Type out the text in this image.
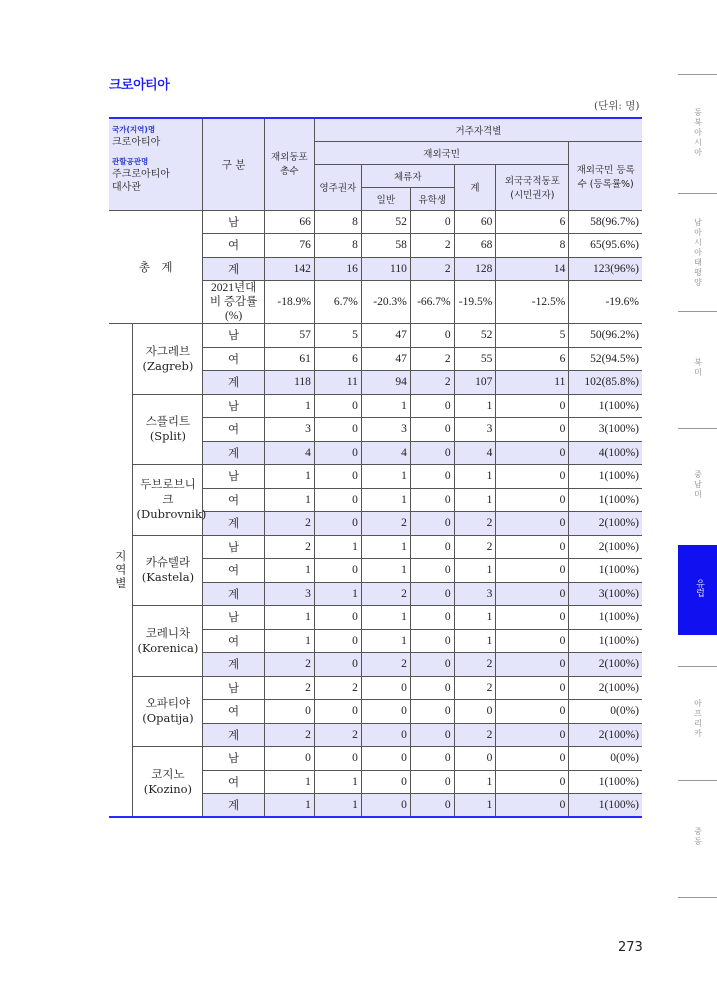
크로아티아
(단위: 명)
국가(지역)명
크로아티아
관할공관명
주크로아티아
대사관		구 분	재외동포 총수	거주자격별					
				재외국민					재외국민 등록수 (등록률%)
				영주권자	체류자		계	외국국적동포 (시민권자)	
					일반	유학생			
총　계		남	66	8	52	0	60	6	58(96.7%)
		여	76	8	58	2	68	8	65(95.6%)
		계	142	16	110	2	128	14	123(96%)
		2021년대비 증감률(%)	-18.9%	6.7%	-20.3%	-66.7%	-19.5%	-12.5%	-19.6%
지역별	자그레브 (Zagreb)	남	57	5	47	0	52	5	50(96.2%)
		여	61	6	47	2	55	6	52(94.5%)
		계	118	11	94	2	107	11	102(85.8%)
	스플리트 (Split)	남	1	0	1	0	1	0	1(100%)
		여	3	0	3	0	3	0	3(100%)
		계	4	0	4	0	4	0	4(100%)
	두브로브니크 (Dubrovnik)	남	1	0	1	0	1	0	1(100%)
		여	1	0	1	0	1	0	1(100%)
		계	2	0	2	0	2	0	2(100%)
	카슈텔라 (Kastela)	남	2	1	1	0	2	0	2(100%)
		여	1	0	1	0	1	0	1(100%)
		계	3	1	2	0	3	0	3(100%)
	코레니차 (Korenica)	남	1	0	1	0	1	0	1(100%)
		여	1	0	1	0	1	0	1(100%)
		계	2	0	2	0	2	0	2(100%)
	오파티야 (Opatija)	남	2	2	0	0	2	0	2(100%)
		여	0	0	0	0	0	0	0(0%)
		계	2	2	0	0	2	0	2(100%)
	코지노 (Kozino)	남	0	0	0	0	0	0	0(0%)
		여	1	1	0	0	1	0	1(100%)
		계	1	1	0	0	1	0	1(100%)
동북아시아
남아시아태평양
북미
중남미
유럽
아프리카
중동
273
